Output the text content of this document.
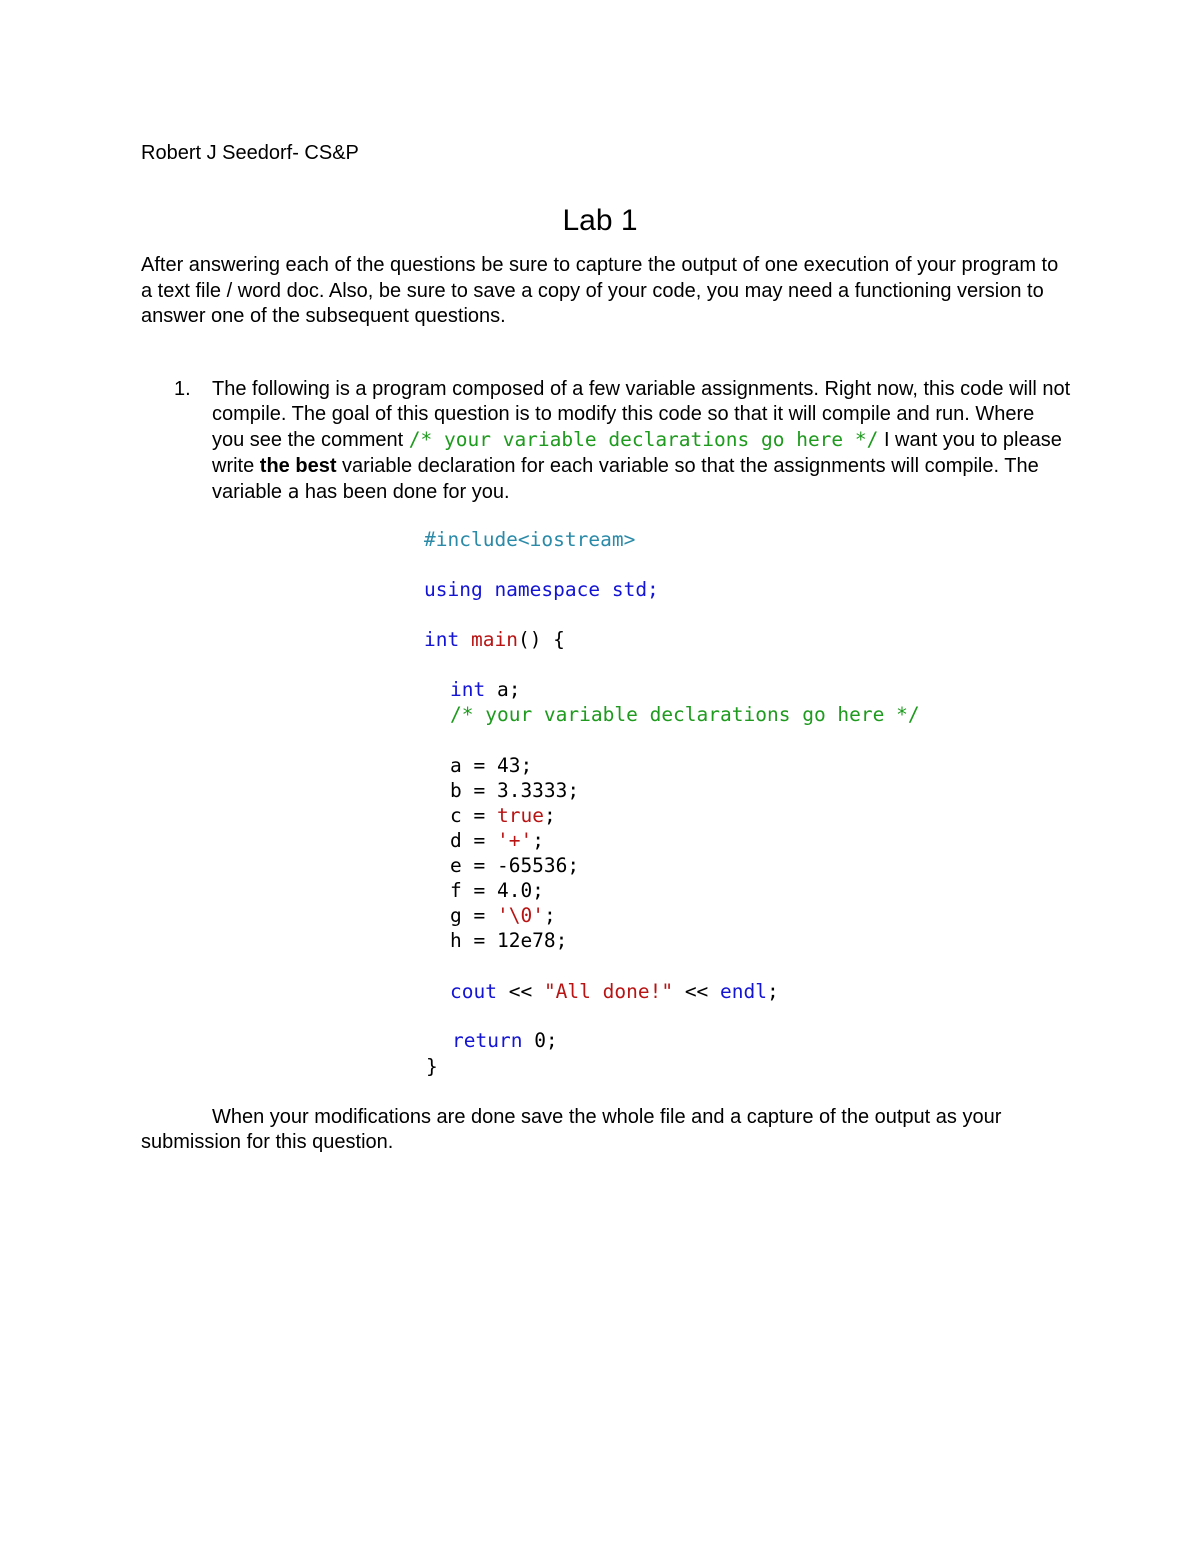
Robert J Seedorf- CS&P
Lab 1
After answering each of the questions be sure to capture the output of one execution of your program to a text file / word doc. Also, be sure to save a copy of your code, you may need a functioning version to answer one of the subsequent questions.
1. The following is a program composed of a few variable assignments. Right now, this code will not compile. The goal of this question is to modify this code so that it will compile and run. Where you see the comment /* your variable declarations go here */ I want you to please write the best variable declaration for each variable so that the assignments will compile. The variable a has been done for you.

#include<iostream>

using namespace std;

int main() {

int a;

/* your variable declarations go here */

a = 43;

b = 3.3333;

c = true;

d = '+';

e = -65536;

f = 4.0;

g = '\0';

h = 12e78;

cout << "All done!" << endl;

return 0;

}

When your modifications are done save the whole file and a capture of the output as your submission for this question.
